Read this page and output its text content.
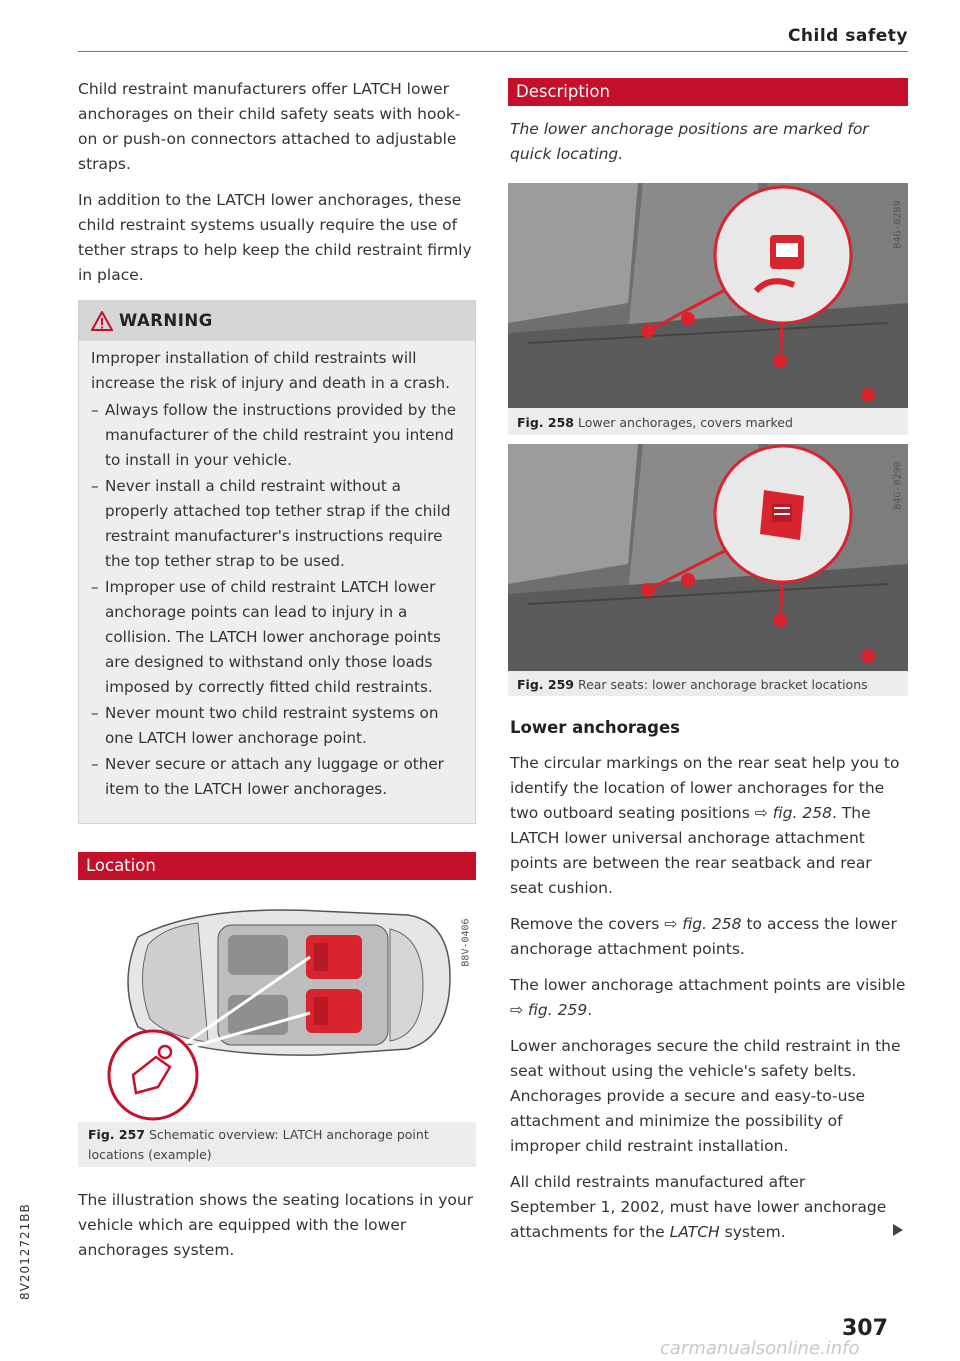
Child safety

Child restraint manufacturers offer LATCH lower anchorages on their child safety seats with hook-on or push-on connectors attached to adjustable straps.

In addition to the LATCH lower anchorages, these child restraint systems usually require the use of tether straps to help keep the child restraint firmly in place.

WARNING
Improper installation of child restraints will increase the risk of injury and death in a crash.
– Always follow the instructions provided by the manufacturer of the child restraint you intend to install in your vehicle.
– Never install a child restraint without a properly attached top tether strap if the child restraint manufacturer's instructions require the top tether strap to be used.
– Improper use of child restraint LATCH lower anchorage points can lead to injury in a collision. The LATCH lower anchorage points are designed to withstand only those loads imposed by correctly fitted child restraints.
– Never mount two child restraint systems on one LATCH lower anchorage point.
– Never secure or attach any luggage or other item to the LATCH lower anchorages.
Location
B8V-0406
Fig. 257 Schematic overview: LATCH anchorage point locations (example)

The illustration shows the seating locations in your vehicle which are equipped with the lower anchorages system.

Description

The lower anchorage positions are marked for quick locating.

B4G-0289
Fig. 258 Lower anchorages, covers marked
B4G-0290
Fig. 259 Rear seats: lower anchorage bracket locations
Lower anchorages

The circular markings on the rear seat help you to identify the location of lower anchorages for the two outboard seating positions ⇨ fig. 258. The LATCH lower universal anchorage attachment points are between the rear seatback and rear seat cushion.

Remove the covers ⇨ fig. 258 to access the lower anchorage attachment points.

The lower anchorage attachment points are visible ⇨ fig. 259.

Lower anchorages secure the child restraint in the seat without using the vehicle's safety belts. Anchorages provide a secure and easy-to-use attachment and minimize the possibility of improper child restraint installation.

All child restraints manufactured after September 1, 2002, must have lower anchorage attachments for the LATCH system.

307
8V2012721BB
carmanualsonline.info
